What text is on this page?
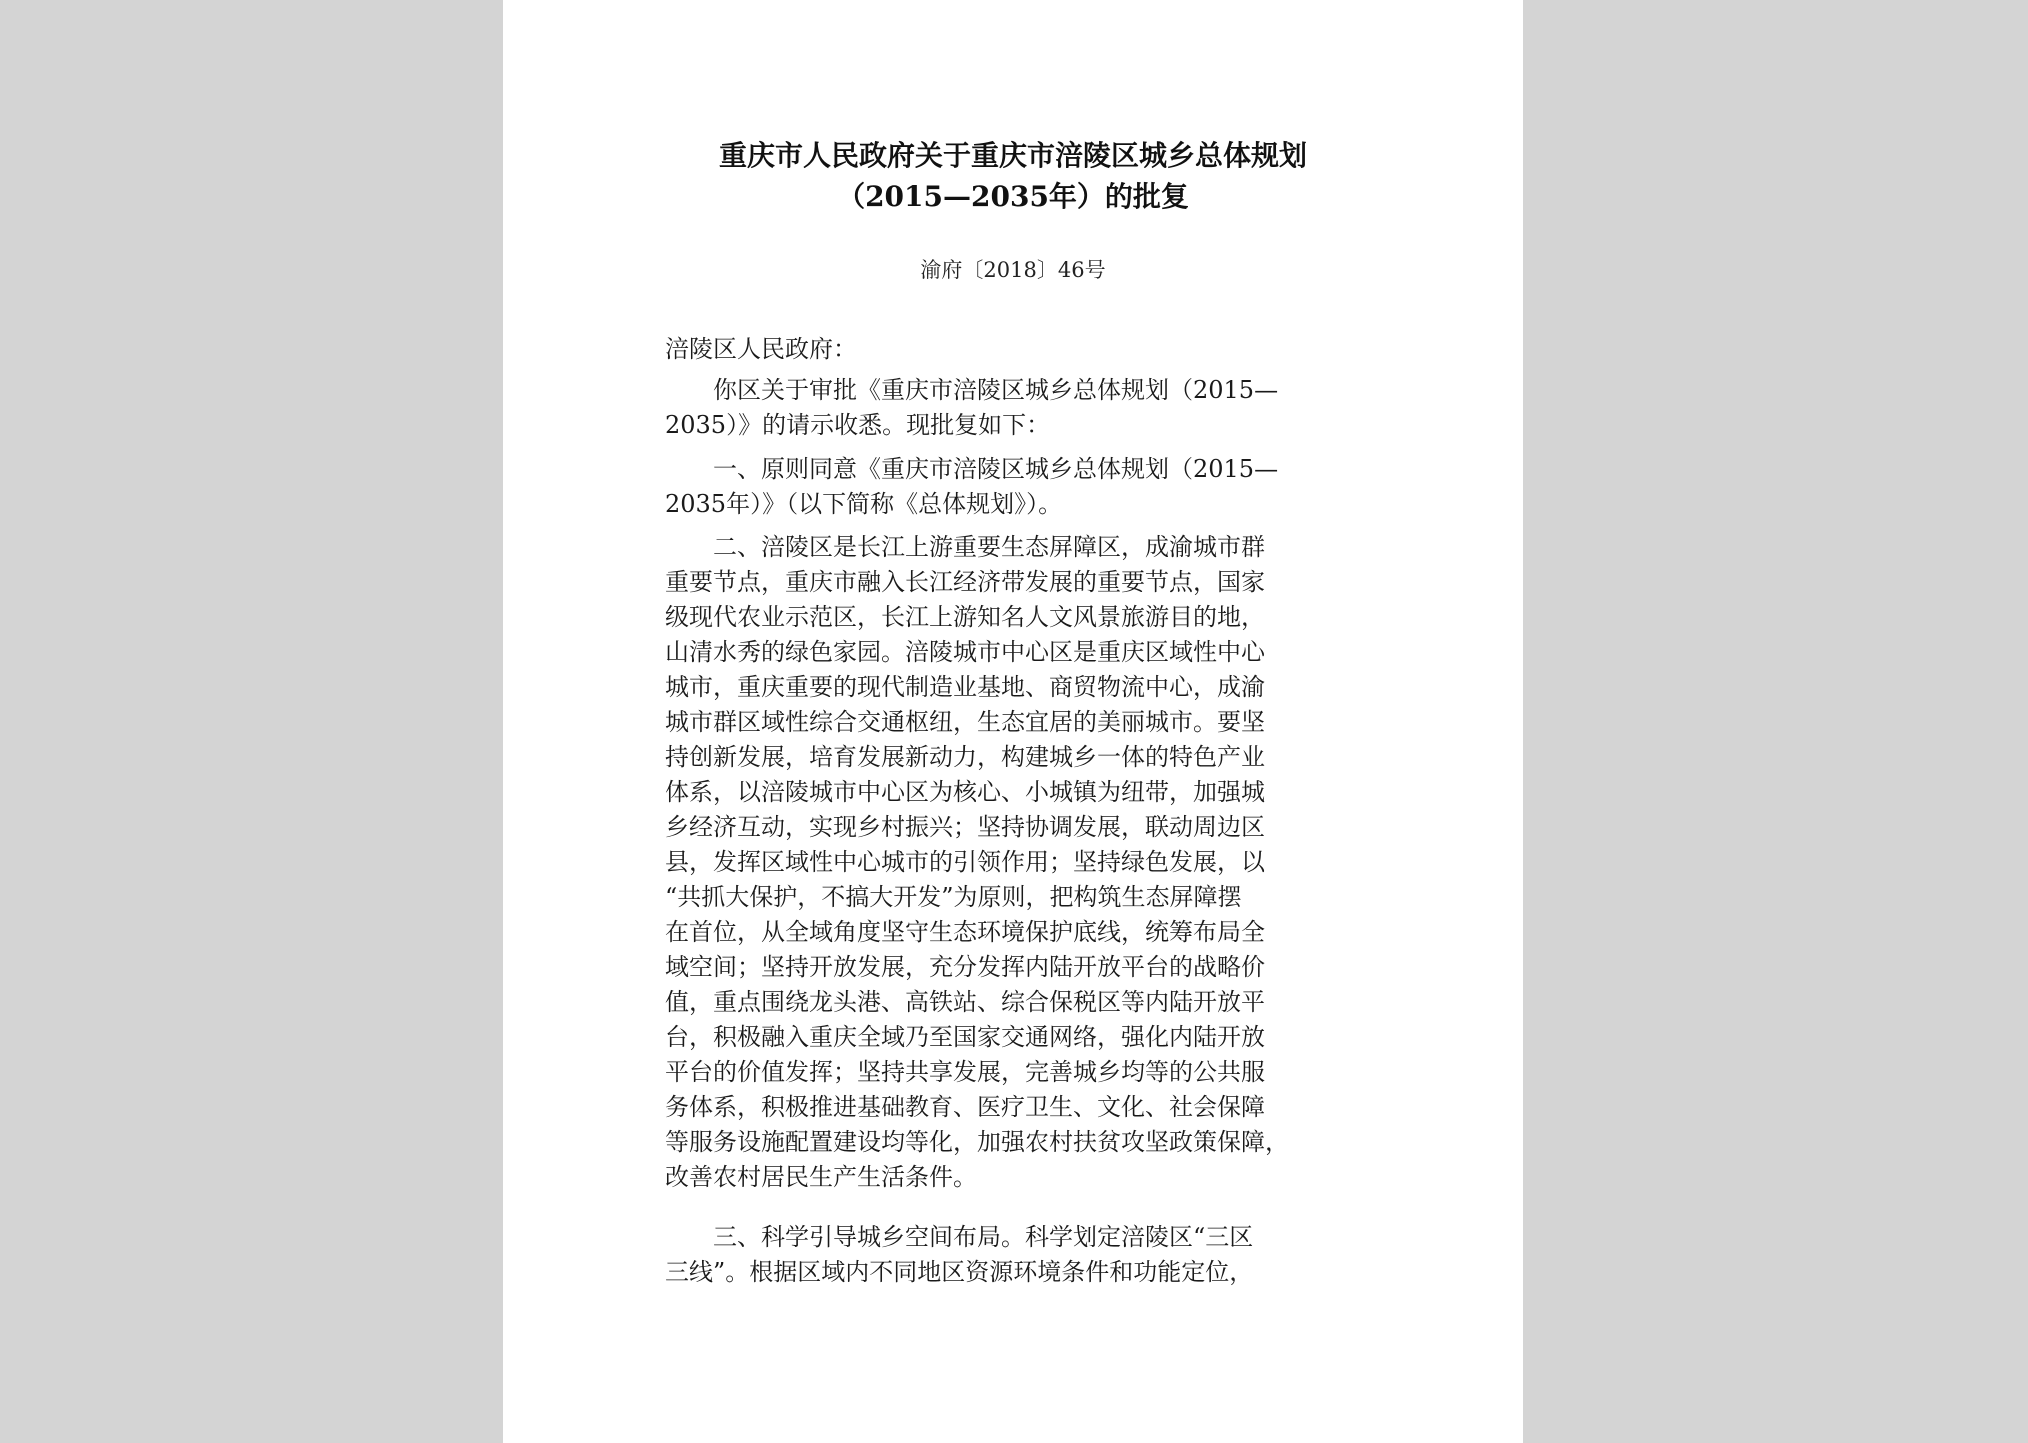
重庆市人民政府关于重庆市涪陵区城乡总体规划
（2015—2035年）的批复
渝府〔2018〕46号

涪陵区人民政府：

　　你区关于审批《重庆市涪陵区城乡总体规划（2015—
2035）》的请示收悉。现批复如下：

　　一、原则同意《重庆市涪陵区城乡总体规划（2015—
2035年）》（以下简称《总体规划》）。

　　二、涪陵区是长江上游重要生态屏障区，成渝城市群
重要节点，重庆市融入长江经济带发展的重要节点，国家
级现代农业示范区，长江上游知名人文风景旅游目的地，
山清水秀的绿色家园。涪陵城市中心区是重庆区域性中心
城市，重庆重要的现代制造业基地、商贸物流中心，成渝
城市群区域性综合交通枢纽，生态宜居的美丽城市。要坚
持创新发展，培育发展新动力，构建城乡一体的特色产业
体系，以涪陵城市中心区为核心、小城镇为纽带，加强城
乡经济互动，实现乡村振兴；坚持协调发展，联动周边区
县，发挥区域性中心城市的引领作用；坚持绿色发展，以
“共抓大保护，不搞大开发”为原则，把构筑生态屏障摆
在首位，从全域角度坚守生态环境保护底线，统筹布局全
域空间；坚持开放发展，充分发挥内陆开放平台的战略价
值，重点围绕龙头港、高铁站、综合保税区等内陆开放平
台，积极融入重庆全域乃至国家交通网络，强化内陆开放
平台的价值发挥；坚持共享发展，完善城乡均等的公共服
务体系，积极推进基础教育、医疗卫生、文化、社会保障
等服务设施配置建设均等化，加强农村扶贫攻坚政策保障，
改善农村居民生产生活条件。

　　三、科学引导城乡空间布局。科学划定涪陵区“三区
三线”。根据区域内不同地区资源环境条件和功能定位，
